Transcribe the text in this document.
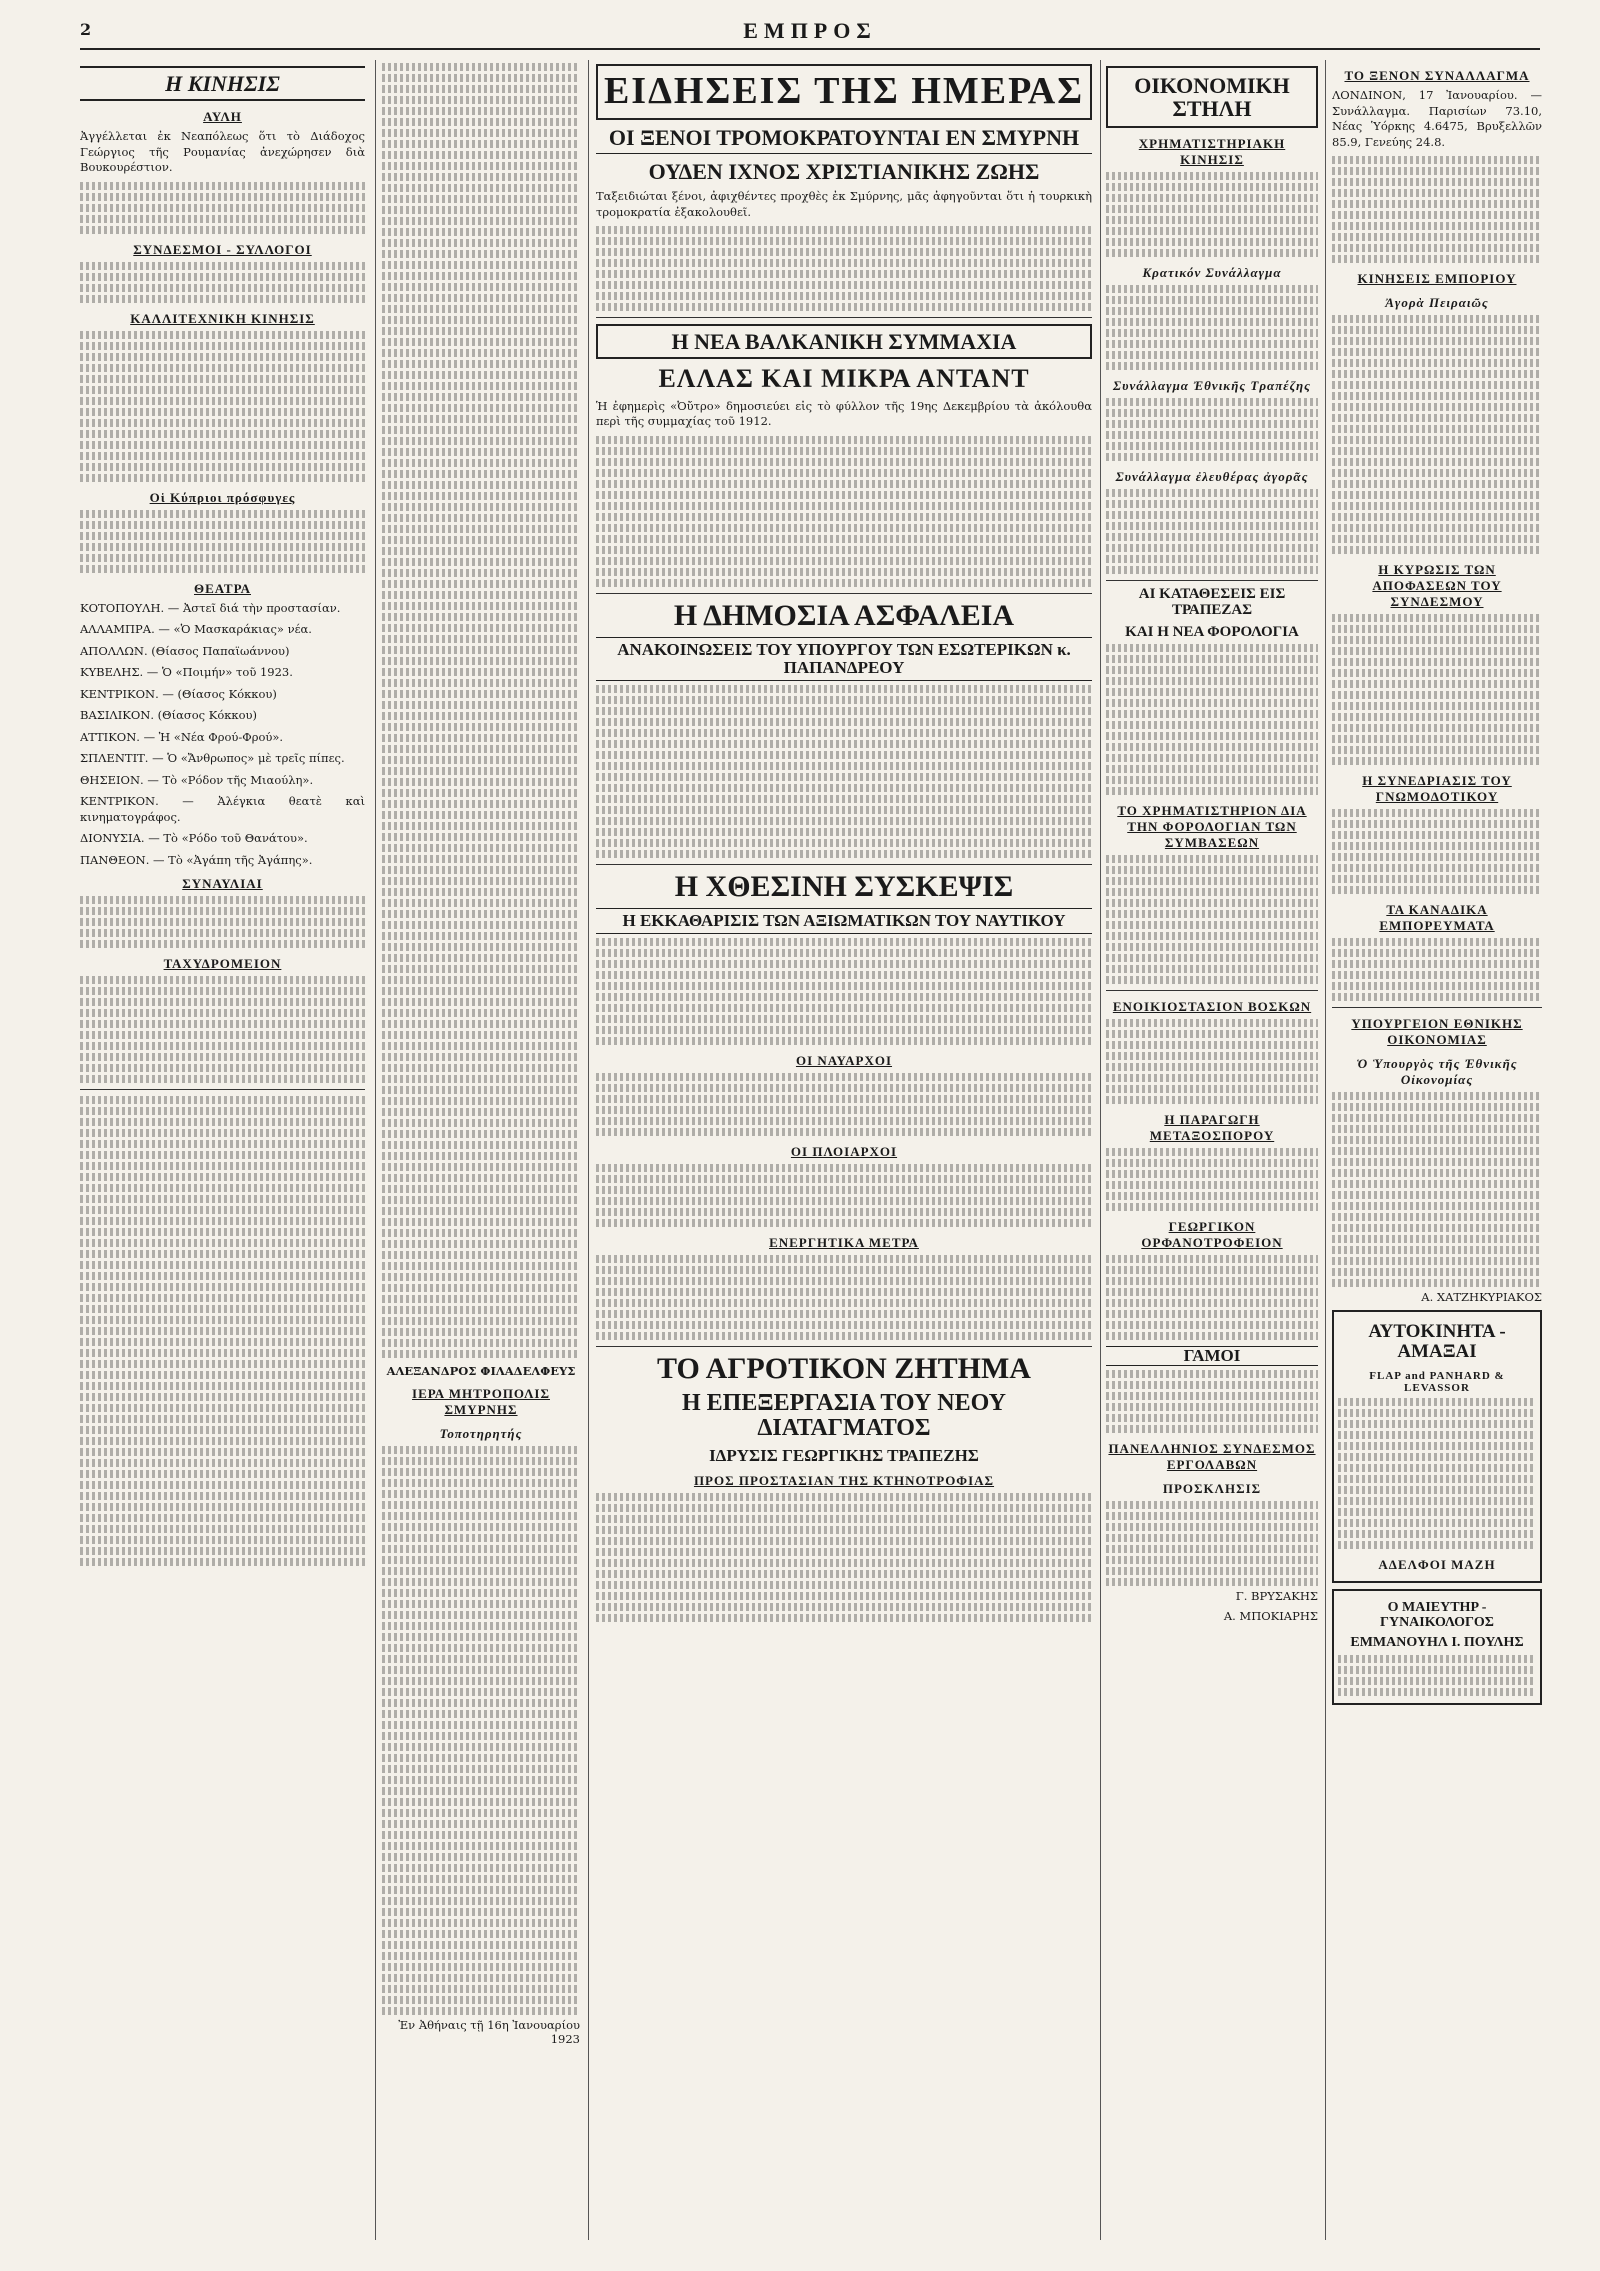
2	ΕΜΠΡΟΣ
Η ΚΙΝΗΣΙΣ
ΑΥΛΗ

Ἀγγέλλεται ἐκ Νεαπόλεως ὅτι τὸ Διάδοχος Γεώργιος τῆς Ρουμανίας ἀνεχώρησεν διὰ Βουκουρέστιον.

ΣΥΝΔΕΣΜΟΙ - ΣΥΛΛΟΓΟΙ
ΚΑΛΛΙΤΕΧΝΙΚΗ ΚΙΝΗΣΙΣ
Οἱ Κύπριοι πρόσφυγες
ΘΕΑΤΡΑ

ΚΟΤΟΠΟΥΛΗ. — Ἀστεῖ διά τὴν προστασίαν.

ΑΛΛΑΜΠΡΑ. — «Ὁ Μασκαράκιας» νέα.

ΑΠΟΛΛΩΝ. (Θίασος Παπαϊωάννου)

ΚΥΒΕΛΗΣ. — Ὁ «Ποιμήν» τοῦ 1923.

ΚΕΝΤΡΙΚΟΝ. — (Θίασος Κόκκου)

ΒΑΣΙΛΙΚΟΝ. (Θίασος Κόκκου)

ΑΤΤΙΚΟΝ. — Ἡ «Νέα Φρού-Φρού».

ΣΠΛΕΝΤΙΤ. — Ὁ «Ἄνθρωπος» μὲ τρεῖς πίπες.

ΘΗΣΕΙΟΝ. — Τὸ «Ρόδον τῆς Μιαούλη».

ΚΕΝΤΡΙΚΟΝ. — Ἀλέγκια θεατὲ καὶ κινηματογράφος.

ΔΙΟΝΥΣΙΑ. — Τὸ «Ρόδο τοῦ Θανάτου».

ΠΑΝΘΕΟΝ. — Τὸ «Ἀγάπη τῆς Ἀγάπης».

ΣΥΝΑΥΛΙΑΙ
ΤΑΧΥΔΡΟΜΕΙΟΝ
ΑΛΕΞΑΝΔΡΟΣ ΦΙΛΑΔΕΛΦΕΥΣ
ΙΕΡΑ ΜΗΤΡΟΠΟΛΙΣ ΣΜΥΡΝΗΣ
Τοποτηρητής
Ἐν Ἀθήναις τῇ 16η Ἰανουαρίου 1923
ΕΙΔΗΣΕΙΣ ΤΗΣ ΗΜΕΡΑΣ
ΟΙ ΞΕΝΟΙ ΤΡΟΜΟΚΡΑΤΟΥΝΤΑΙ ΕΝ ΣΜΥΡΝΗ
ΟΥΔΕΝ ΙΧΝΟΣ ΧΡΙΣΤΙΑΝΙΚΗΣ ΖΩΗΣ

Ταξειδιώται ξένοι, ἀφιχθέντες προχθὲς ἐκ Σμύρνης, μᾶς ἀφηγοῦνται ὅτι ἡ τουρκικὴ τρομοκρατία ἐξακολουθεῖ.

Η ΝΕΑ ΒΑΛΚΑΝΙΚΗ ΣΥΜΜΑΧΙΑ
ΕΛΛΑΣ ΚΑΙ ΜΙΚΡΑ ΑΝΤΑΝΤ

Ἡ ἐφημερὶς «Ὀὔτρο» δημοσιεύει εἰς τὸ φύλλον τῆς 19ης Δεκεμβρίου τὰ ἀκόλουθα περὶ τῆς συμμαχίας τοῦ 1912.

Η ΔΗΜΟΣΙΑ ΑΣΦΑΛΕΙΑ
ΑΝΑΚΟΙΝΩΣΕΙΣ ΤΟΥ ΥΠΟΥΡΓΟΥ ΤΩΝ ΕΣΩΤΕΡΙΚΩΝ κ. ΠΑΠΑΝΔΡΕΟΥ
Η ΧΘΕΣΙΝΗ ΣΥΣΚΕΨΙΣ
Η ΕΚΚΑΘΑΡΙΣΙΣ ΤΩΝ ΑΞΙΩΜΑΤΙΚΩΝ ΤΟΥ ΝΑΥΤΙΚΟΥ
ΟΙ ΝΑΥΑΡΧΟΙ
ΟΙ ΠΛΟΙΑΡΧΟΙ
ΕΝΕΡΓΗΤΙΚΑ ΜΕΤΡΑ
ΤΟ ΑΓΡΟΤΙΚΟΝ ΖΗΤΗΜΑ
Η ΕΠΕΞΕΡΓΑΣΙΑ ΤΟΥ ΝΕΟΥ ΔΙΑΤΑΓΜΑΤΟΣ
ΙΔΡΥΣΙΣ ΓΕΩΡΓΙΚΗΣ ΤΡΑΠΕΖΗΣ
ΠΡΟΣ ΠΡΟΣΤΑΣΙΑΝ ΤΗΣ ΚΤΗΝΟΤΡΟΦΙΑΣ
ΟΙΚΟΝΟΜΙΚΗ ΣΤΗΛΗ
ΧΡΗΜΑΤΙΣΤΗΡΙΑΚΗ ΚΙΝΗΣΙΣ
Κρατικόν Συνάλλαγμα
Συνάλλαγμα Ἐθνικῆς Τραπέζης
Συνάλλαγμα ἐλευθέρας ἀγορᾶς
ΑΙ ΚΑΤΑΘΕΣΕΙΣ ΕΙΣ ΤΡΑΠΕΖΑΣ
ΚΑΙ Η ΝΕΑ ΦΟΡΟΛΟΓΙΑ
ΤΟ ΧΡΗΜΑΤΙΣΤΗΡΙΟΝ ΔΙΑ ΤΗΝ ΦΟΡΟΛΟΓΙΑΝ ΤΩΝ ΣΥΜΒΑΣΕΩΝ
ΕΝΟΙΚΙΟΣΤΑΣΙΟΝ ΒΟΣΚΩΝ
Η ΠΑΡΑΓΩΓΗ ΜΕΤΑΞΟΣΠΟΡΟΥ
ΓΕΩΡΓΙΚΟΝ ΟΡΦΑΝΟΤΡΟΦΕΙΟΝ
ΓΑΜΟΙ
ΠΑΝΕΛΛΗΝΙΟΣ ΣΥΝΔΕΣΜΟΣ ΕΡΓΟΛΑΒΩΝ
ΠΡΟΣΚΛΗΣΙΣ
Γ. ΒΡΥΣΑΚΗΣ
Α. ΜΠΟΚΙΑΡΗΣ
ΤΟ ΞΕΝΟΝ ΣΥΝΑΛΛΑΓΜΑ

ΛΟΝΔΙΝΟΝ, 17 Ἰανουαρίου. — Συνάλλαγμα. Παρισίων 73.10, Νέας Ὑόρκης 4.6475, Βρυξελλῶν 85.9, Γενεύης 24.8.

ΚΙΝΗΣΕΙΣ ΕΜΠΟΡΙΟΥ
Ἀγορὰ Πειραιῶς
Η ΚΥΡΩΣΙΣ ΤΩΝ ΑΠΟΦΑΣΕΩΝ ΤΟΥ ΣΥΝΔΕΣΜΟΥ
Η ΣΥΝΕΔΡΙΑΣΙΣ ΤΟΥ ΓΝΩΜΟΔΟΤΙΚΟΥ
ΤΑ ΚΑΝΑΔΙΚΑ ΕΜΠΟΡΕΥΜΑΤΑ
ΥΠΟΥΡΓΕΙΟΝ ΕΘΝΙΚΗΣ ΟΙΚΟΝΟΜΙΑΣ
Ὁ Ὑπουργὸς τῆς Ἐθνικῆς Οἰκονομίας
Α. ΧΑΤΖΗΚΥΡΙΑΚΟΣ
ΑΥΤΟΚΙΝΗΤΑ - ΑΜΑΞΑΙ
FLAP and PANHARD & LEVASSOR
ΑΔΕΛΦΟΙ ΜΑΖΗ
Ο ΜΑΙΕΥΤΗΡ - ΓΥΝΑΙΚΟΛΟΓΟΣ
ΕΜΜΑΝΟΥΗΛ Ι. ΠΟΥΛΗΣ
